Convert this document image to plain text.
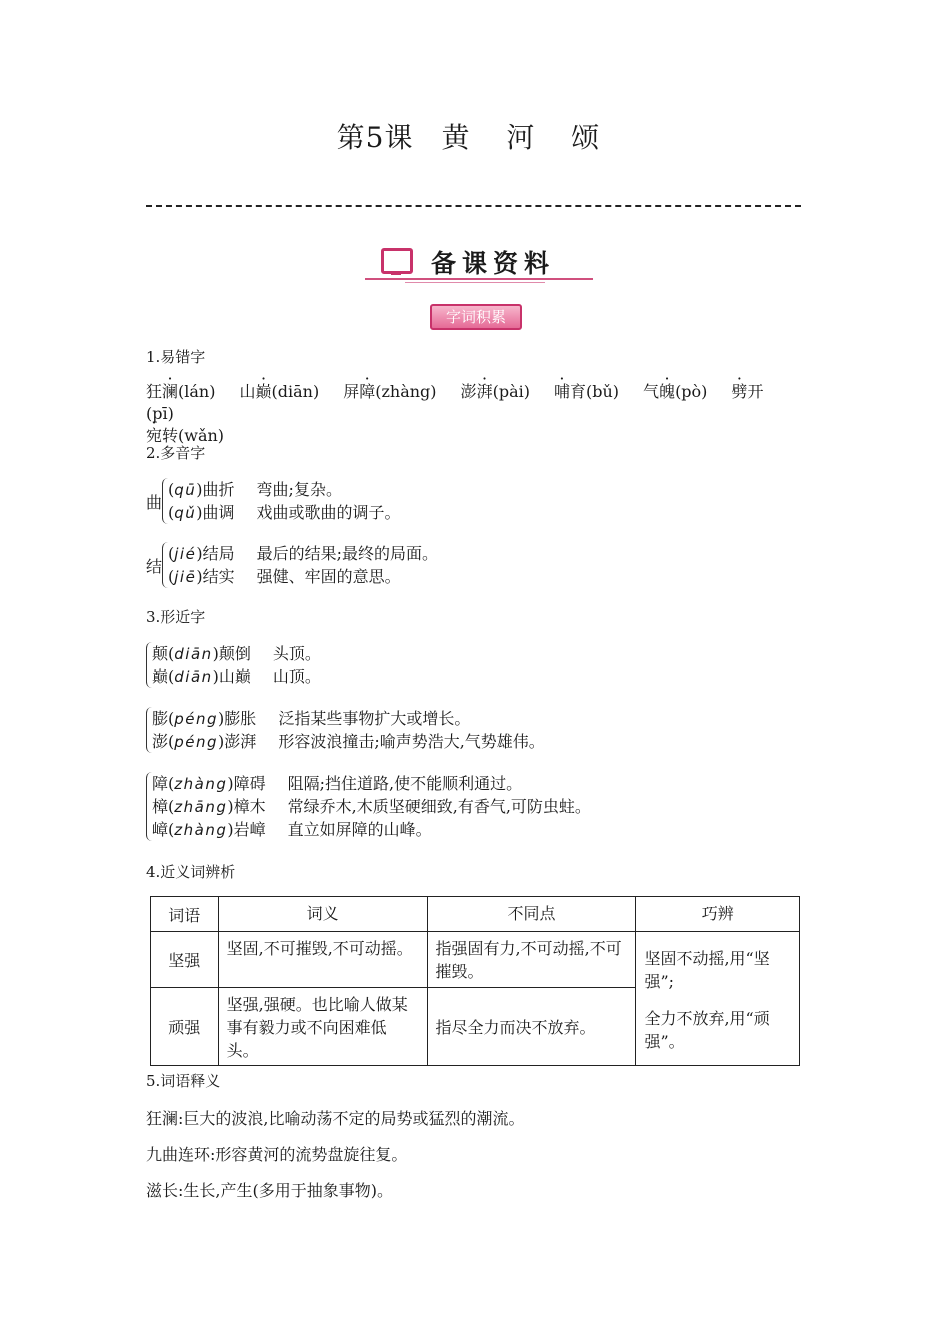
第5课 黄 河 颂
备课资料
字词积累
1.易错字
狂澜(lán) 山巅(diān) 屏障(zhàng) 澎湃(pài) 哺育(bǔ) 气魄(pò) 劈开(pī)
宛转(wǎn)
2.多音字
曲
(qū)曲折 弯曲;复杂。
(qǔ)曲调 戏曲或歌曲的调子。
结
(jié)结局 最后的结果;最终的局面。
(jiē)结实 强健、牢固的意思。
3.形近字
颠(diān)颠倒 头顶。
巅(diān)山巅 山顶。
膨(péng)膨胀 泛指某些事物扩大或增长。
澎(péng)澎湃 形容波浪撞击;喻声势浩大,气势雄伟。
障(zhàng)障碍 阻隔;挡住道路,使不能顺利通过。
樟(zhāng)樟木 常绿乔木,木质坚硬细致,有香气,可防虫蛀。
嶂(zhàng)岩嶂 直立如屏障的山峰。
4.近义词辨析
词语	词义	不同点	巧辨
坚强	坚固,不可摧毁,不可动摇。	指强固有力,不可动摇,不可摧毁。	坚固不动摇,用“坚强”;

全力不放弃,用“顽强”。

顽强	坚强,强硬。也比喻人做某事有毅力或不向困难低头。	指尽全力而决不放弃。	
5.词语释义
狂澜:巨大的波浪,比喻动荡不定的局势或猛烈的潮流。
九曲连环:形容黄河的流势盘旋往复。
滋长:生长,产生(多用于抽象事物)。
